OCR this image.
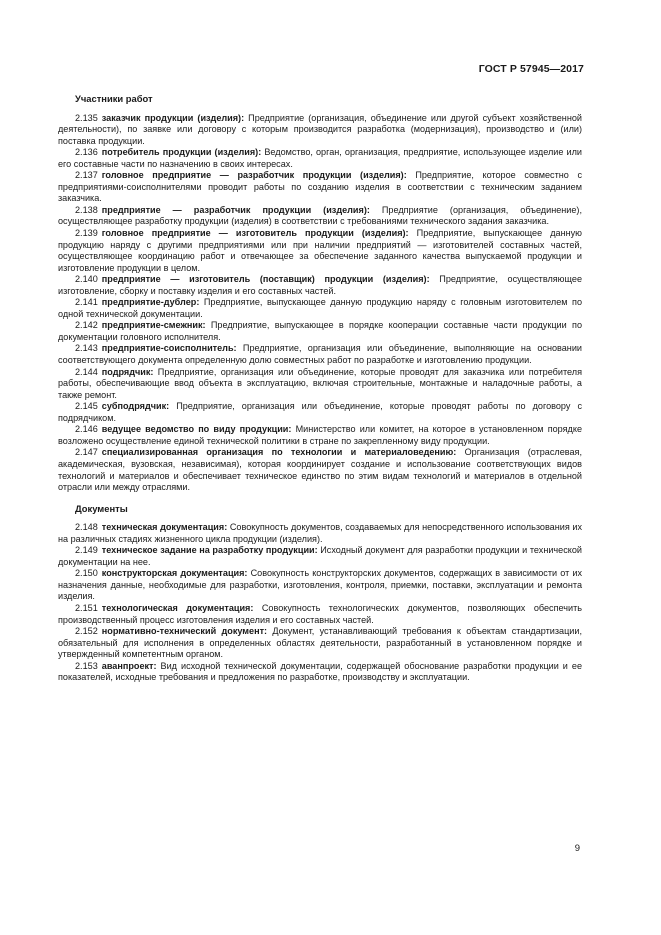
ГОСТ Р 57945—2017
Участники работ

2.135 заказчик продукции (изделия): Предприятие (организация, объединение или другой субъект хозяйственной деятельности), по заявке или договору с которым производится разработка (модернизация), производство и (или) поставка продукции.

2.136 потребитель продукции (изделия): Ведомство, орган, организация, предприятие, использующее изделие или его составные части по назначению в своих интересах.

2.137 головное предприятие — разработчик продукции (изделия): Предприятие, которое совместно с предприятиями-соисполнителями проводит работы по созданию изделия в соответствии с техническим заданием заказчика.

2.138 предприятие — разработчик продукции (изделия): Предприятие (организация, объединение), осуществляющее разработку продукции (изделия) в соответствии с требованиями технического задания заказчика.

2.139 головное предприятие — изготовитель продукции (изделия): Предприятие, выпускающее данную продукцию наряду с другими предприятиями или при наличии предприятий — изготовителей составных частей, осуществляющее координацию работ и отвечающее за обеспечение заданного качества выпускаемой продукции и изготовление продукции в целом.

2.140 предприятие — изготовитель (поставщик) продукции (изделия): Предприятие, осуществляющее изготовление, сборку и поставку изделия и его составных частей.

2.141 предприятие-дублер: Предприятие, выпускающее данную продукцию наряду с головным изготовителем по одной технической документации.

2.142 предприятие-смежник: Предприятие, выпускающее в порядке кооперации составные части продукции по документации головного исполнителя.

2.143 предприятие-соисполнитель: Предприятие, организация или объединение, выполняющие на основании соответствующего документа определенную долю совместных работ по разработке и изготовлению продукции.

2.144 подрядчик: Предприятие, организация или объединение, которые проводят для заказчика или потребителя работы, обеспечивающие ввод объекта в эксплуатацию, включая строительные, монтажные и наладочные работы, а также ремонт.

2.145 субподрядчик: Предприятие, организация или объединение, которые проводят работы по договору с подрядчиком.

2.146 ведущее ведомство по виду продукции: Министерство или комитет, на которое в установленном порядке возложено осуществление единой технической политики в стране по закрепленному виду продукции.

2.147 специализированная организация по технологии и материаловедению: Организация (отраслевая, академическая, вузовская, независимая), которая координирует создание и использование соответствующих видов технологий и материалов и обеспечивает техническое единство по этим видам технологий и материалов в отдельной отрасли или между отраслями.

Документы

2.148 техническая документация: Совокупность документов, создаваемых для непосредственного использования их на различных стадиях жизненного цикла продукции (изделия).

2.149 техническое задание на разработку продукции: Исходный документ для разработки продукции и технической документации на нее.

2.150 конструкторская документация: Совокупность конструкторских документов, содержащих в зависимости от их назначения данные, необходимые для разработки, изготовления, контроля, приемки, поставки, эксплуатации и ремонта изделия.

2.151 технологическая документация: Совокупность технологических документов, позволяющих обеспечить производственный процесс изготовления изделия и его составных частей.

2.152 нормативно-технический документ: Документ, устанавливающий требования к объектам стандартизации, обязательный для исполнения в определенных областях деятельности, разработанный в установленном порядке и утвержденный компетентным органом.

2.153 аванпроект: Вид исходной технической документации, содержащей обоснование разработки продукции и ее показателей, исходные требования и предложения по разработке, производству и эксплуатации.

9
